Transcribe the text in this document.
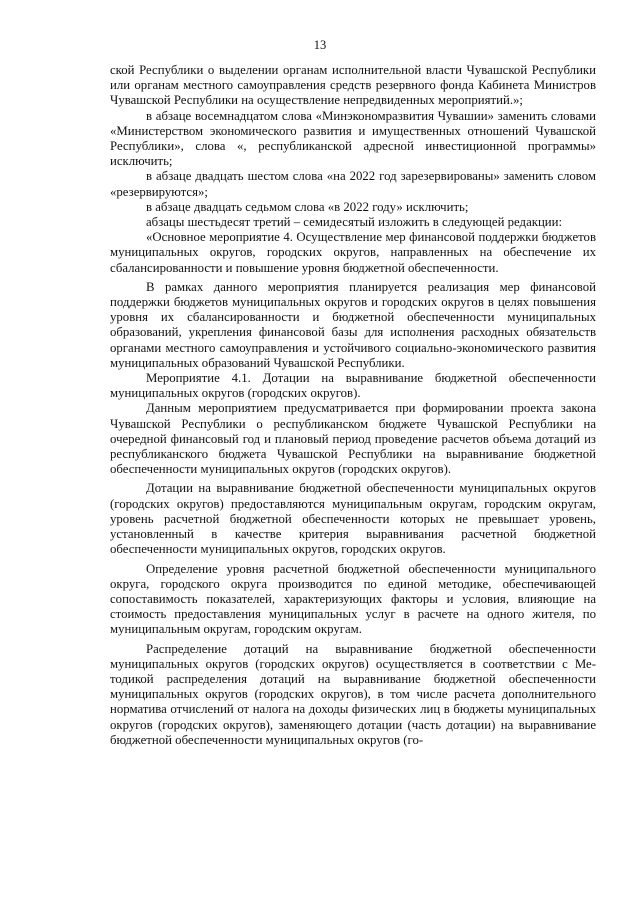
13

ской Республики о выделении органам исполнительной власти Чувашской Республики или органам местного самоуправления средств резервного фонда Кабинета Министров Чувашской Республики на осуществление непредвиденных мероприятий.»;

в абзаце восемнадцатом слова «Минэкономразвития Чувашии» заменить словами «Министерством экономического развития и имущественных отношений Чувашской Республики», слова «, республиканской адресной инвестиционной программы» исключить;

в абзаце двадцать шестом слова «на 2022 год зарезервированы» заменить словом «резервируются»;

в абзаце двадцать седьмом слова «в 2022 году» исключить;

абзацы шестьдесят третий – семидесятый изложить в следующей редакции:

«Основное мероприятие 4. Осуществление мер финансовой поддержки бюджетов муниципальных округов, городских округов, направленных на обеспечение их сбалансированности и повышение уровня бюджетной обеспеченности.

В рамках данного мероприятия планируется реализация мер финансовой поддержки бюджетов муниципальных округов и городских округов в целях повышения уровня их сбалансированности и бюджетной обеспеченности муниципальных образований, укрепления финансовой базы для исполнения расходных обязательств органами местного самоуправления и устойчивого социально-экономического развития муниципальных образований Чувашской Республики.

Мероприятие 4.1. Дотации на выравнивание бюджетной обеспеченности муниципальных округов (городских округов).

Данным мероприятием предусматривается при формировании проекта закона Чувашской Республики о республиканском бюджете Чувашской Республики на очередной финансовый год и плановый период проведение расчетов объема дотаций из республиканского бюджета Чувашской Республики на выравнивание бюджетной обеспеченности муниципальных округов (городских округов).

Дотации на выравнивание бюджетной обеспеченности муниципальных округов (городских округов) предоставляются муниципальным округам, городским округам, уровень расчетной бюджетной обеспеченности которых не превышает уровень, установленный в качестве критерия выравнивания расчетной бюджетной обеспеченности муниципальных округов, городских округов.

Определение уровня расчетной бюджетной обеспеченности муниципального округа, городского округа производится по единой методике, обеспечивающей сопоставимость показателей, характеризующих факторы и условия, влияющие на стоимость предоставления муниципальных услуг в расчете на одного жителя, по муниципальным округам, городским округам.

Распределение дотаций на выравнивание бюджетной обеспеченности муниципальных округов (городских округов) осуществляется в соответствии с Методикой распределения дотаций на выравнивание бюджетной обеспеченности муниципальных округов (городских округов), в том числе расчета дополнительного норматива отчислений от налога на доходы физических лиц в бюджеты муниципальных округов (городских округов), заменяющего дотации (часть дотации) на выравнивание бюджетной обеспеченности муниципальных округов (го-
